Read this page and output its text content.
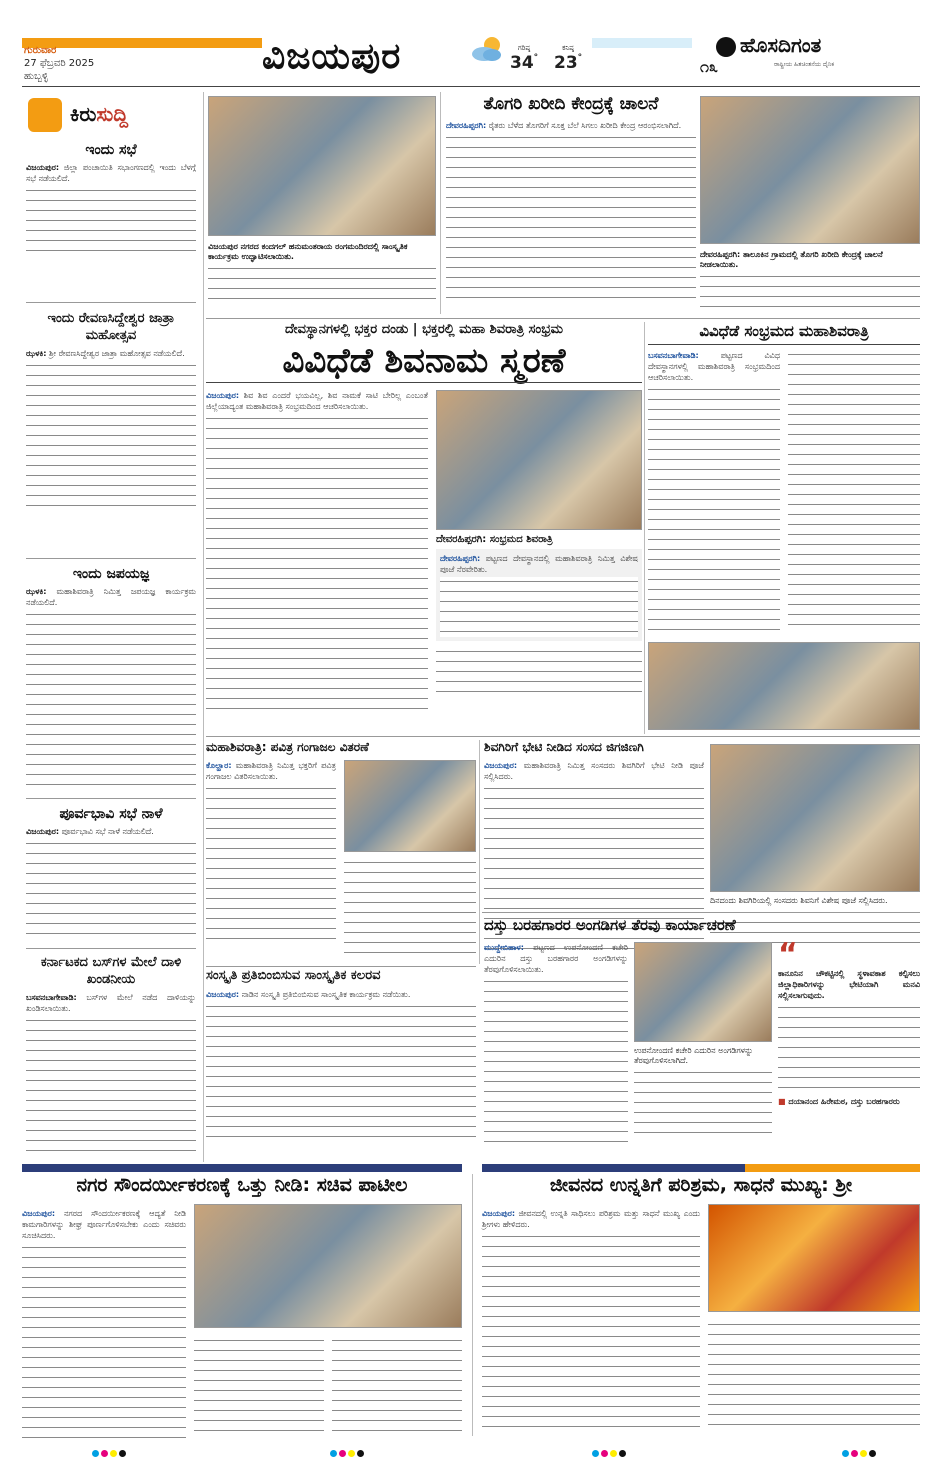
ಗುರುವಾರ
27 ಫೆಬ್ರವರಿ 2025
ಹುಬ್ಬಳ್ಳಿ	ವಿಜಯಪುರ	ಗರಿಷ್ಠ
34°
ಕನಿಷ್ಠ
23°
ಹೊಸದಿಗಂತ
೧೩	ರಾಷ್ಟ್ರೀಯ ಹಿತಚಿಂತನೆಯ ದೈನಿಕ
ಕಿರುಸುದ್ದಿ
ಇಂದು ಸಭೆ
ವಿಜಯಪುರ: ಜಿಲ್ಲಾ ಪಂಚಾಯಿತಿ ಸಭಾಂಗಣದಲ್ಲಿ ಇಂದು ಬೆಳಗ್ಗೆ ಸಭೆ ನಡೆಯಲಿದೆ.
ಇಂದು ರೇವಣಸಿದ್ದೇಶ್ವರ ಜಾತ್ರಾ ಮಹೋತ್ಸವ
ಝಳಕಿ: ಶ್ರೀ ರೇವಣಸಿದ್ದೇಶ್ವರ ಜಾತ್ರಾ ಮಹೋತ್ಸವ ನಡೆಯಲಿದೆ.
ಇಂದು ಜಪಯಜ್ಞ
ಝಳಕಿ: ಮಹಾಶಿವರಾತ್ರಿ ನಿಮಿತ್ತ ಜಪಯಜ್ಞ ಕಾರ್ಯಕ್ರಮ ನಡೆಯಲಿದೆ.
ಪೂರ್ವಭಾವಿ ಸಭೆ ನಾಳೆ
ವಿಜಯಪುರ: ಪೂರ್ವಭಾವಿ ಸಭೆ ನಾಳೆ ನಡೆಯಲಿದೆ.
ಕರ್ನಾಟಕದ ಬಸ್‌ಗಳ ಮೇಲೆ ದಾಳಿ ಖಂಡನೀಯ
ಬಸವನಬಾಗೇವಾಡಿ: ಬಸ್‌ಗಳ ಮೇಲೆ ನಡೆದ ದಾಳಿಯನ್ನು ಖಂಡಿಸಲಾಯಿತು.
ವಿಜಯಪುರ ನಗರದ ಕಂದಗಲ್ ಹನುಮಂತರಾಯ ರಂಗಮಂದಿರದಲ್ಲಿ ಸಾಂಸ್ಕೃತಿಕ ಕಾರ್ಯಕ್ರಮ ಉದ್ಘಾಟಿಸಲಾಯಿತು.
ತೊಗರಿ ಖರೀದಿ ಕೇಂದ್ರಕ್ಕೆ ಚಾಲನೆ
ದೇವರಹಿಪ್ಪರಗಿ: ರೈತರು ಬೆಳೆದ ತೊಗರಿಗೆ ಸೂಕ್ತ ಬೆಲೆ ಸಿಗಲು ಖರೀದಿ ಕೇಂದ್ರ ಆರಂಭಿಸಲಾಗಿದೆ.
ದೇವರಹಿಪ್ಪರಗಿ: ತಾಲೂಕಿನ ಗ್ರಾಮದಲ್ಲಿ ತೊಗರಿ ಖರೀದಿ ಕೇಂದ್ರಕ್ಕೆ ಚಾಲನೆ ನೀಡಲಾಯಿತು.
ದೇವಸ್ಥಾನಗಳಲ್ಲಿ ಭಕ್ತರ ದಂಡು | ಭಕ್ತರಲ್ಲಿ ಮಹಾ ಶಿವರಾತ್ರಿ ಸಂಭ್ರಮ
ವಿವಿಧೆಡೆ ಶಿವನಾಮ ಸ್ಮರಣೆ
ವಿಜಯಪುರ: ಶಿವ ಶಿವ ಎಂದರೆ ಭಯವಿಲ್ಲ, ಶಿವ ನಾಮಕೆ ಸಾಟಿ ಬೇರಿಲ್ಲ ಎಂಬಂತೆ ಜಿಲ್ಲೆಯಾದ್ಯಂತ ಮಹಾಶಿವರಾತ್ರಿ ಸಂಭ್ರಮದಿಂದ ಆಚರಿಸಲಾಯಿತು.
ದೇವರಹಿಪ್ಪರಗಿ: ಸಂಭ್ರಮದ ಶಿವರಾತ್ರಿ
ದೇವರಹಿಪ್ಪರಗಿ: ಪಟ್ಟಣದ ದೇವಸ್ಥಾನದಲ್ಲಿ ಮಹಾಶಿವರಾತ್ರಿ ನಿಮಿತ್ತ ವಿಶೇಷ ಪೂಜೆ ನೆರವೇರಿತು.
ವಿವಿಧೆಡೆ ಸಂಭ್ರಮದ ಮಹಾಶಿವರಾತ್ರಿ
ಬಸವನಬಾಗೇವಾಡಿ:	ಪಟ್ಟಣದ ವಿವಿಧ ದೇವಸ್ಥಾನಗಳಲ್ಲಿ ಮಹಾಶಿವರಾತ್ರಿ ಸಂಭ್ರಮದಿಂದ ಆಚರಿಸಲಾಯಿತು.
ಮಹಾಶಿವರಾತ್ರಿ: ಪವಿತ್ರ ಗಂಗಾಜಲ ವಿತರಣೆ
ಕೊಲ್ಹಾರ: ಮಹಾಶಿವರಾತ್ರಿ ನಿಮಿತ್ತ ಭಕ್ತರಿಗೆ ಪವಿತ್ರ ಗಂಗಾಜಲ ವಿತರಿಸಲಾಯಿತು.
ಶಿವಗಿರಿಗೆ ಭೇಟಿ ನೀಡಿದ ಸಂಸದ ಜಿಗಜಿಣಗಿ
ವಿಜಯಪುರ: ಮಹಾಶಿವರಾತ್ರಿ ನಿಮಿತ್ತ ಸಂಸದರು ಶಿವಗಿರಿಗೆ ಭೇಟಿ ನೀಡಿ ಪೂಜೆ ಸಲ್ಲಿಸಿದರು.
ದಿನದಂದು ಶಿವಗಿರಿಯಲ್ಲಿ ಸಂಸದರು ಶಿವನಿಗೆ ವಿಶೇಷ ಪೂಜೆ ಸಲ್ಲಿಸಿದರು.
ಸಂಸ್ಕೃತಿ ಪ್ರತಿಬಿಂಬಿಸುವ ಸಾಂಸ್ಕೃತಿಕ ಕಲರವ
ವಿಜಯಪುರ: ನಾಡಿನ ಸಂಸ್ಕೃತಿ ಪ್ರತಿಬಿಂಬಿಸುವ ಸಾಂಸ್ಕೃತಿಕ ಕಾರ್ಯಕ್ರಮ ನಡೆಯಿತು.
ದಸ್ತು ಬರಹಗಾರರ ಅಂಗಡಿಗಳ ತೆರವು ಕಾರ್ಯಾಚರಣೆ
ಮುದ್ದೇಬಿಹಾಳ: ಪಟ್ಟಣದ ಉಪನೋಂದಣಿ ಕಚೇರಿ ಎದುರಿನ ದಸ್ತು ಬರಹಗಾರರ ಅಂಗಡಿಗಳನ್ನು ತೆರವುಗೊಳಿಸಲಾಯಿತು.
ಉಪನೋಂದಣಿ ಕಚೇರಿ ಎದುರಿನ ಅಂಗಡಿಗಳನ್ನು ತೆರವುಗೊಳಿಸಲಾಗಿದೆ.
“
ಕಾನೂನಿನ ಚೌಕಟ್ಟಿನಲ್ಲಿ ಸ್ಥಳಾವಕಾಶ ಕಲ್ಪಿಸಲು ಜಿಲ್ಲಾಧಿಕಾರಿಗಳನ್ನು ಭೇಟಿಯಾಗಿ ಮನವಿ ಸಲ್ಲಿಸಲಾಗುವುದು.
■ ದಯಾನಂದ ಹಿರೇಮಠ, ದಸ್ತು ಬರಹಗಾರರು
ನಗರ ಸೌಂದರ್ಯೀಕರಣಕ್ಕೆ ಒತ್ತು ನೀಡಿ: ಸಚಿವ ಪಾಟೀಲ
ವಿಜಯಪುರ: ನಗರದ ಸೌಂದರ್ಯೀಕರಣಕ್ಕೆ ಆದ್ಯತೆ ನೀಡಿ ಕಾಮಗಾರಿಗಳನ್ನು ಶೀಘ್ರ ಪೂರ್ಣಗೊಳಿಸಬೇಕು ಎಂದು ಸಚಿವರು ಸೂಚಿಸಿದರು.
ಜೀವನದ ಉನ್ನತಿಗೆ ಪರಿಶ್ರಮ, ಸಾಧನೆ ಮುಖ್ಯ: ಶ್ರೀ
ವಿಜಯಪುರ: ಜೀವನದಲ್ಲಿ ಉನ್ನತಿ ಸಾಧಿಸಲು ಪರಿಶ್ರಮ ಮತ್ತು ಸಾಧನೆ ಮುಖ್ಯ ಎಂದು ಶ್ರೀಗಳು ಹೇಳಿದರು.
